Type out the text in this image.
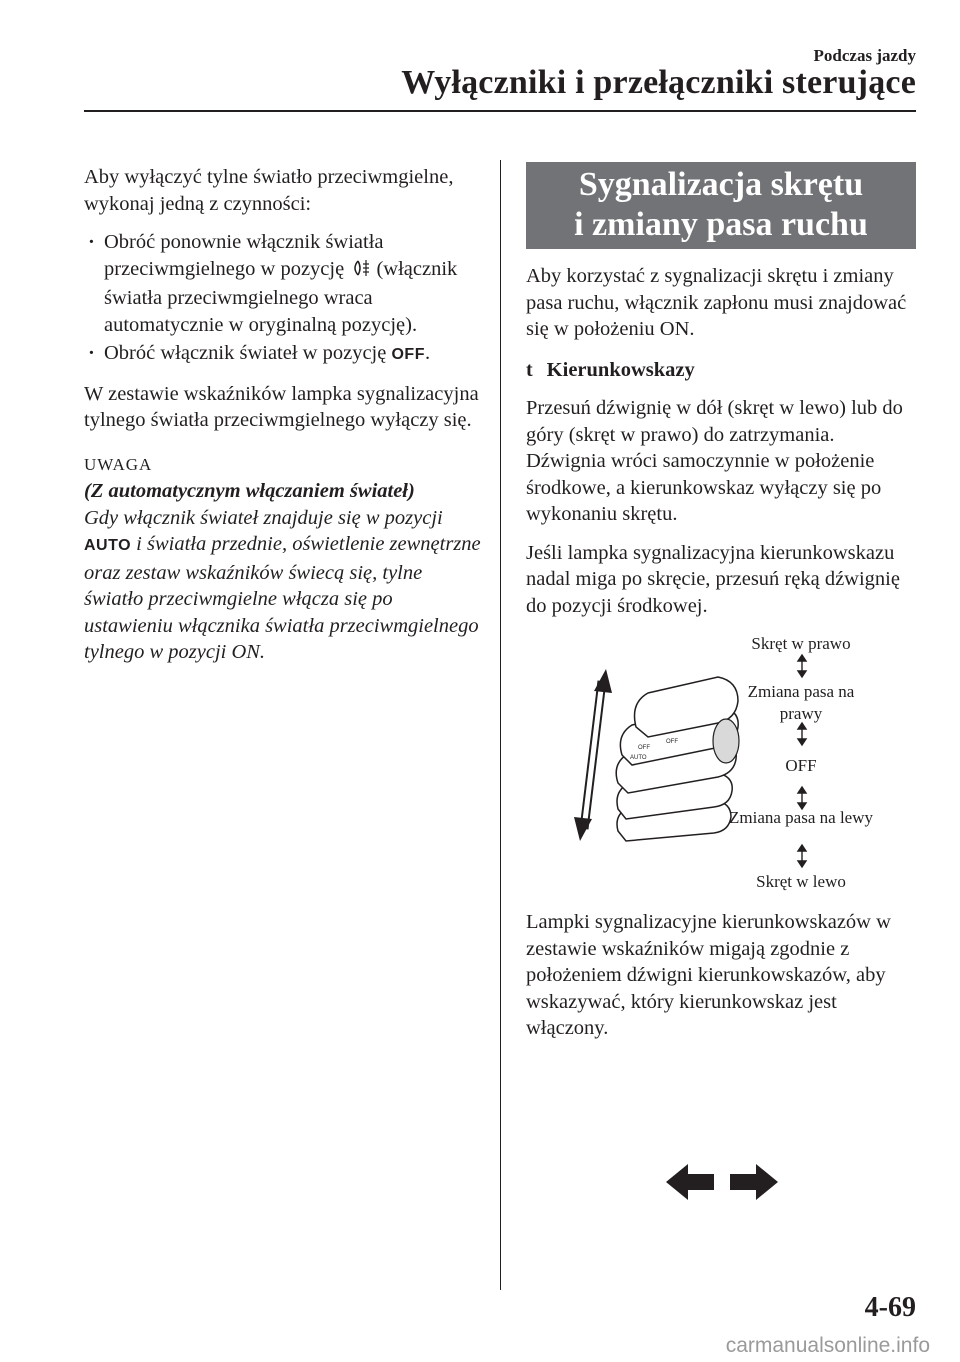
Podczas jazdy
Wyłączniki i przełączniki sterujące

Aby wyłączyć tylne światło przeciwmgielne, wykonaj jedną z czynności:

· Obróć ponownie włącznik światła przeciwmgielnego w pozycję (włącznik światła przeciwmgielnego wraca automatycznie w oryginalną pozycję).
· Obróć włącznik świateł w pozycję OFF.

W zestawie wskaźników lampka sygnalizacyjna tylnego światła przeciwmgielnego wyłączy się.

UWAGA
(Z automatycznym włączaniem świateł)

Gdy włącznik świateł znajduje się w pozycji AUTO i światła przednie, oświetlenie zewnętrzne oraz zestaw wskaźników świecą się, tylne światło przeciwmgielne włącza się po ustawieniu włącznika światła przeciwmgielnego tylnego w pozycji ON.

Sygnalizacja skrętu
i zmiany pasa ruchu

Aby korzystać z sygnalizacji skrętu i zmiany pasa ruchu, włącznik zapłonu musi znajdować się w położeniu ON.

t Kierunkowskazy

Przesuń dźwignię w dół (skręt w lewo) lub do góry (skręt w prawo) do zatrzymania. Dźwignia wróci samoczynnie w położenie środkowe, a kierunkowskaz wyłączy się po wykonaniu skrętu.

Jeśli lampka sygnalizacyjna kierunkowskazu nadal miga po skręcie, przesuń ręką dźwignię do pozycji środkowej.

OFF
AUTO
OFF
Skręt w prawo
Zmiana pasa na prawy
OFF
Zmiana pasa na lewy
Skręt w lewo

Lampki sygnalizacyjne kierunkowskazów w zestawie wskaźników migają zgodnie z położeniem dźwigni kierunkowskazów, aby wskazywać, który kierunkowskaz jest włączony.

4-69
carmanualsonline.info
